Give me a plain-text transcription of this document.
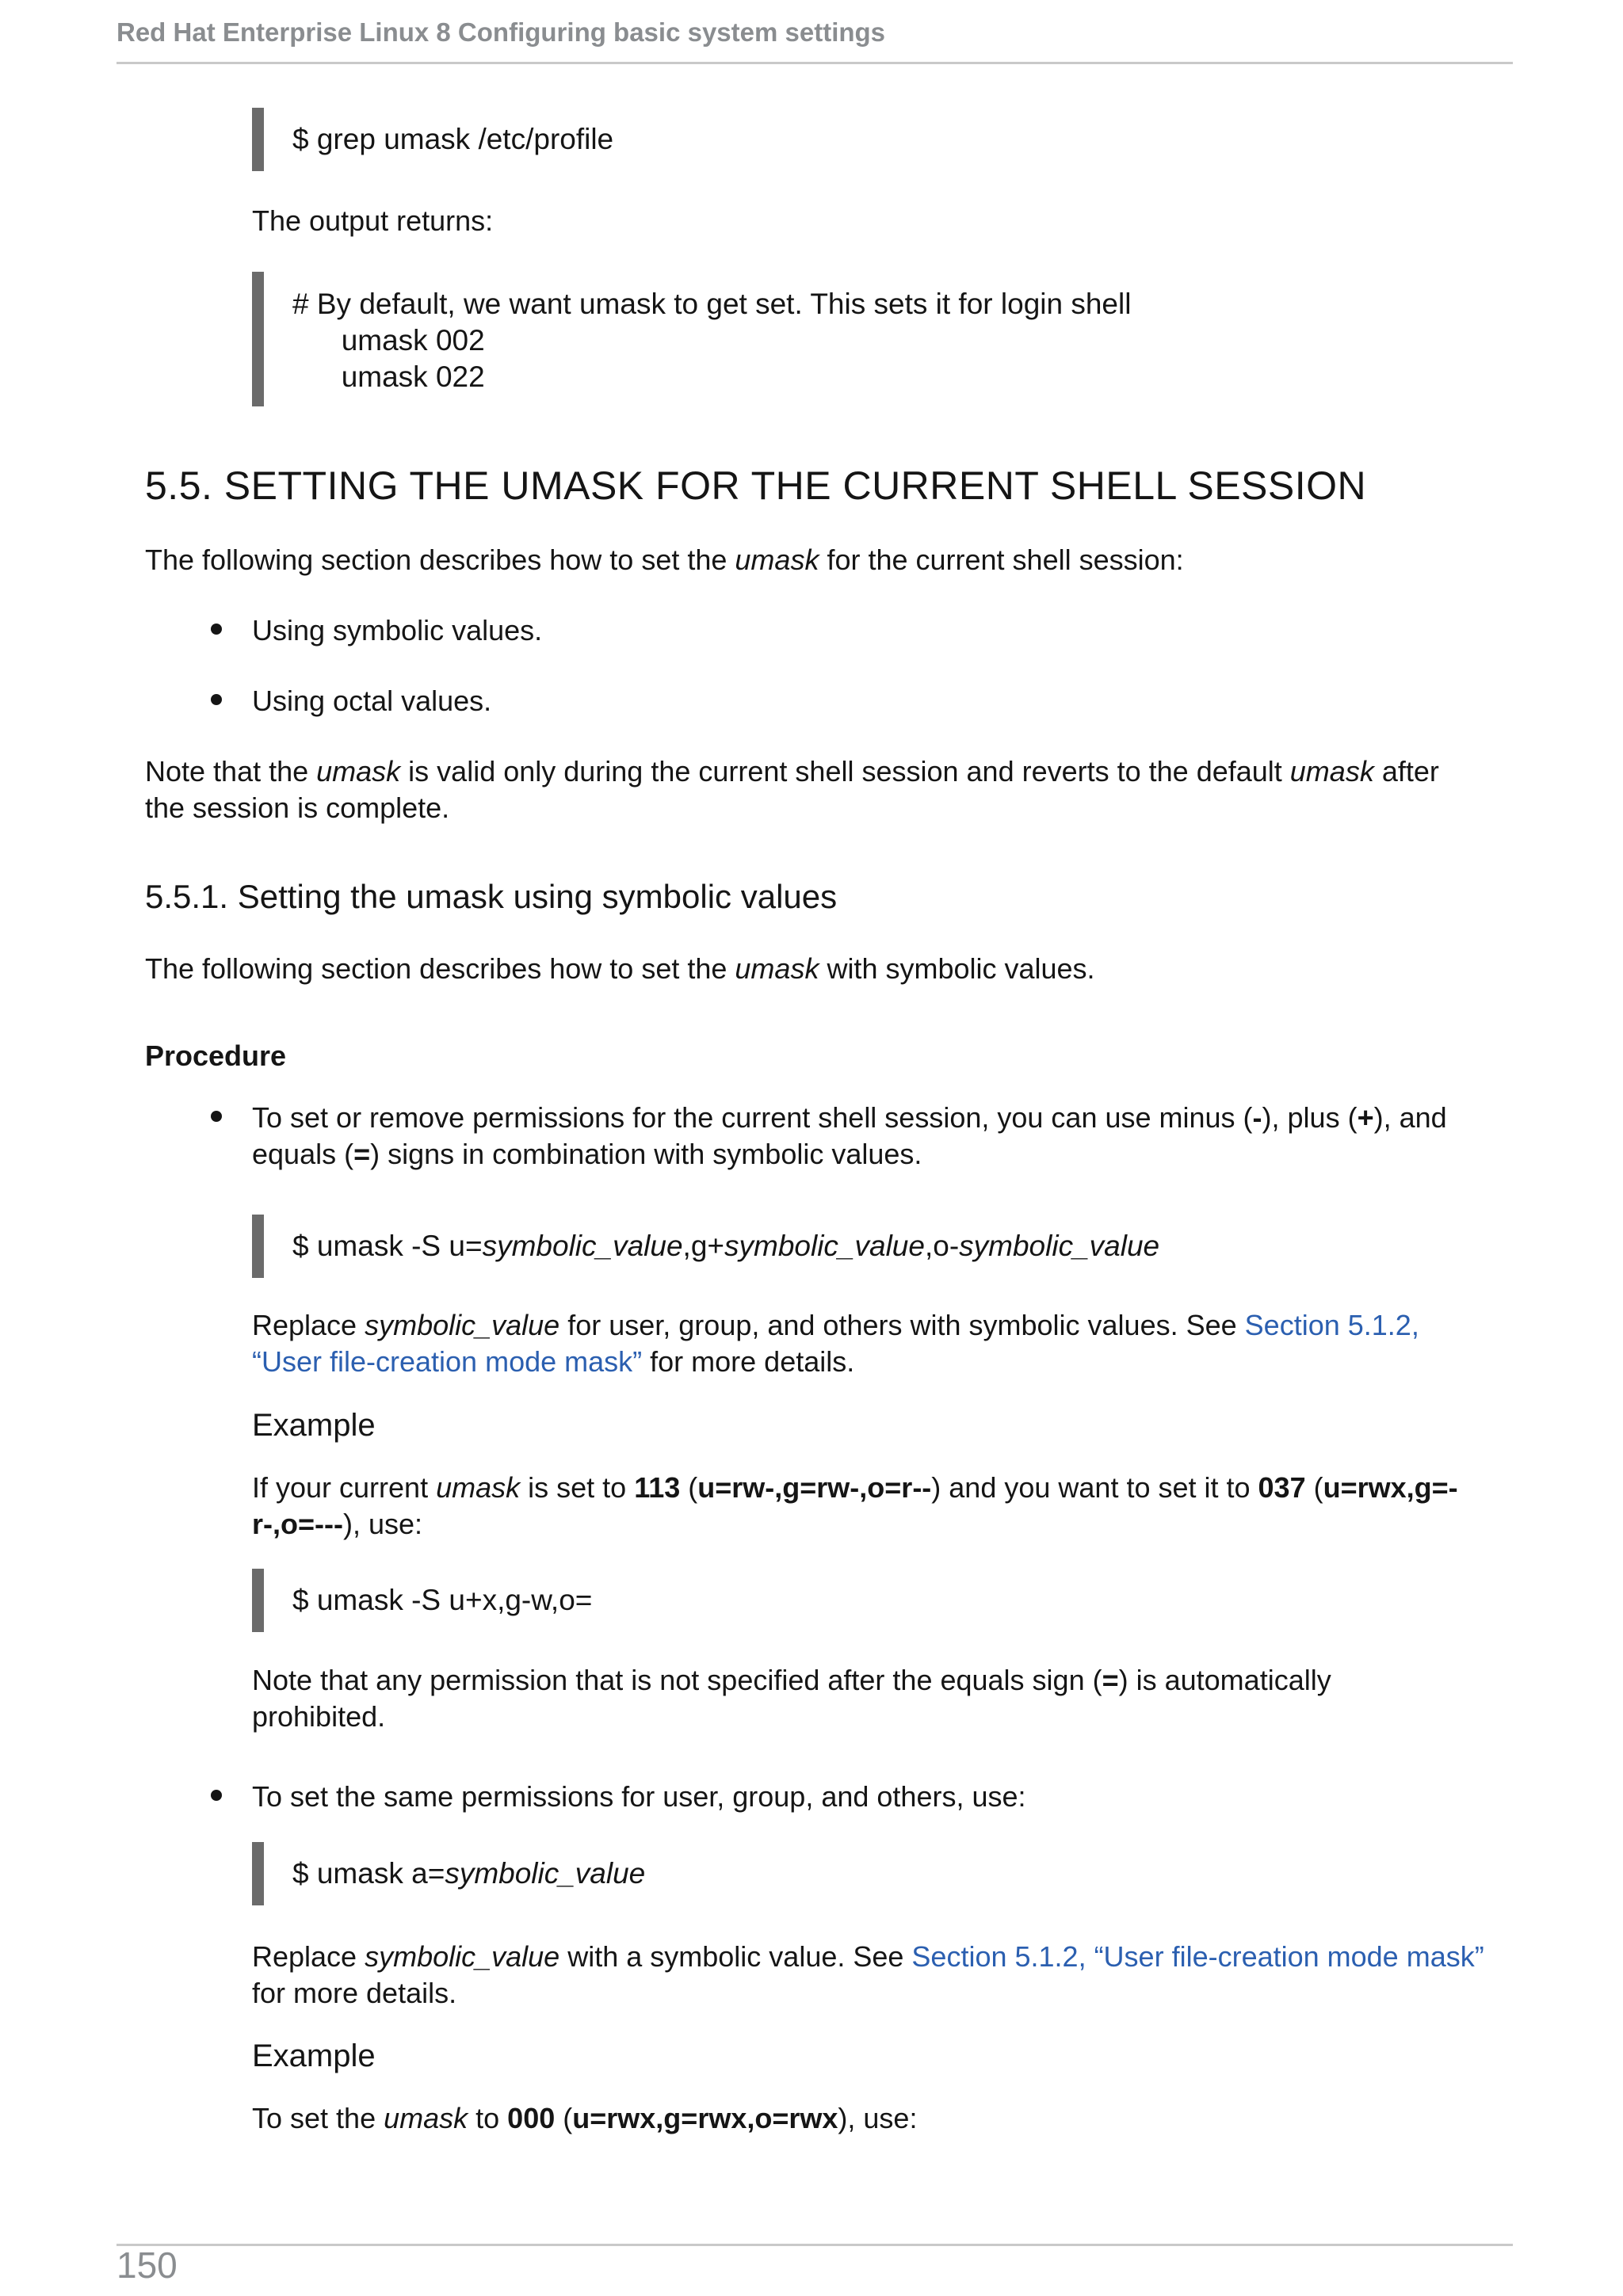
Red Hat Enterprise Linux 8 Configuring basic system settings
$ grep umask /etc/profile
The output returns:
# By default, we want umask to get set. This sets it for login shell
umask 002
umask 022
5.5. SETTING THE UMASK FOR THE CURRENT SHELL SESSION
The following section describes how to set the umask for the current shell session:
Using symbolic values.
Using octal values.
Note that the umask is valid only during the current shell session and reverts to the default umask after
the session is complete.
5.5.1. Setting the umask using symbolic values
The following section describes how to set the umask with symbolic values.
Procedure
To set or remove permissions for the current shell session, you can use minus (-), plus (+), and
equals (=) signs in combination with symbolic values.
$ umask -S u=symbolic_value,g+symbolic_value,o-symbolic_value
Replace symbolic_value for user, group, and others with symbolic values. See Section 5.1.2,
“User file-creation mode mask” for more details.
Example
If your current umask is set to 113 (u=rw-,g=rw-,o=r--) and you want to set it to 037 (u=rwx,g=-
r-,o=---), use:
$ umask -S u+x,g-w,o=
Note that any permission that is not specified after the equals sign (=) is automatically
prohibited.
To set the same permissions for user, group, and others, use:
$ umask a=symbolic_value
Replace symbolic_value with a symbolic value. See Section 5.1.2, “User file-creation mode mask”
for more details.
Example
To set the umask to 000 (u=rwx,g=rwx,o=rwx), use:
150
